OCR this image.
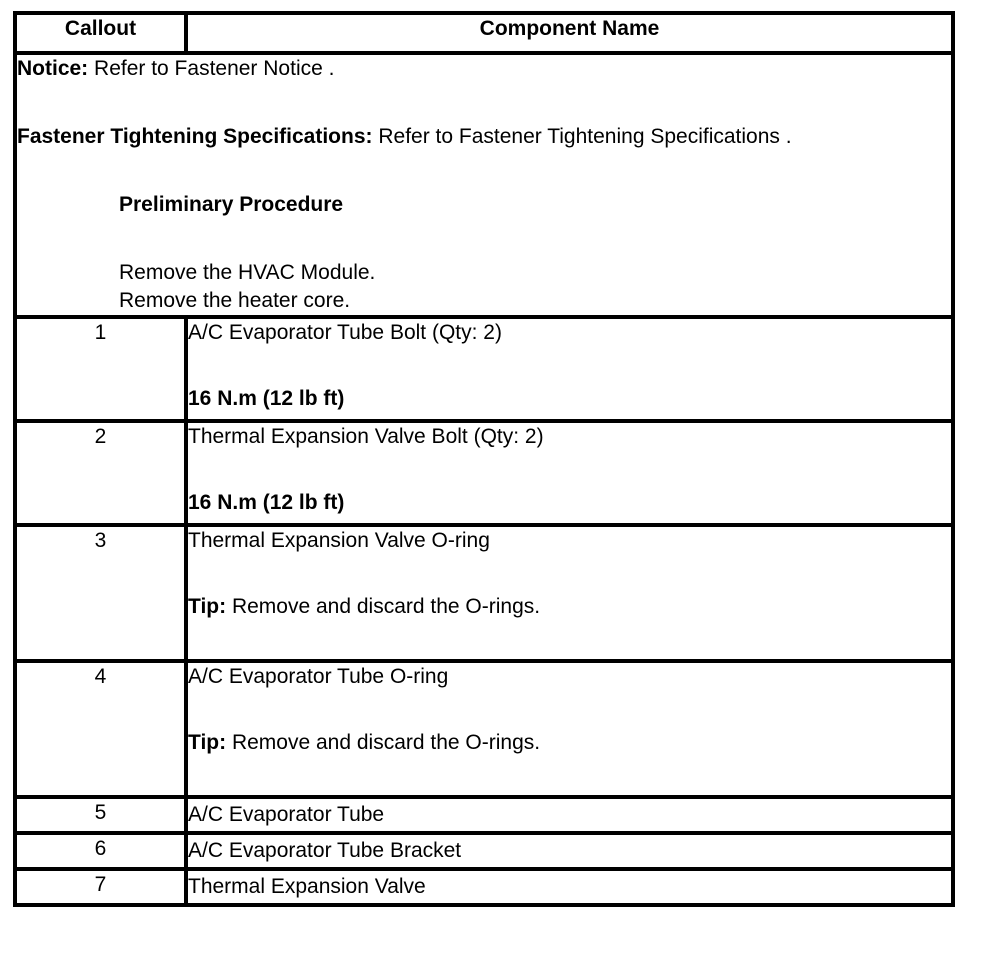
Callout	Component Name

Notice: Refer to Fastener Notice .

Fastener Tightening Specifications: Refer to Fastener Tightening Specifications .

Preliminary Procedure

Remove the HVAC Module.

Remove the heater core.	

1	A/C Evaporator Tube Bolt (Qty: 2)

16 N.m (12 lb ft)

2	Thermal Expansion Valve Bolt (Qty: 2)

16 N.m (12 lb ft)

3	Thermal Expansion Valve O-ring

Tip: Remove and discard the O-rings.

4	A/C Evaporator Tube O-ring

Tip: Remove and discard the O-rings.

5	A/C Evaporator Tube
6	A/C Evaporator Tube Bracket
7	Thermal Expansion Valve
